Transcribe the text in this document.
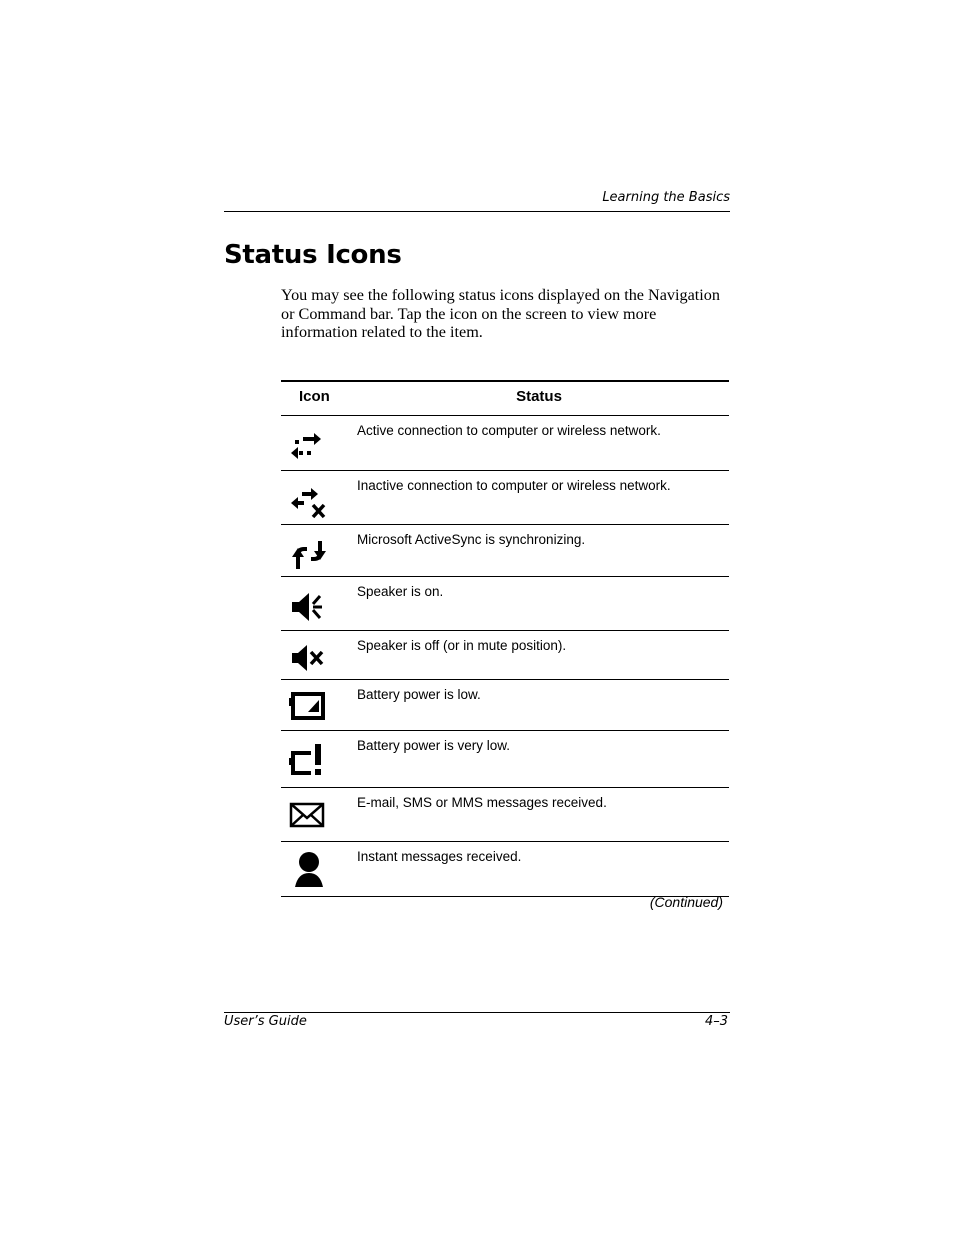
Learning the Basics
Status Icons

You may see the following status icons displayed on the Navigation or Command bar. Tap the icon on the screen to view more information related to the item.

Icon	Status
Active connection to computer or wireless network.
Inactive connection to computer or wireless network.
Microsoft ActiveSync is synchronizing.
Speaker is on.
Speaker is off (or in mute position).
Battery power is low.
Battery power is very low.
E-mail, SMS or MMS messages received.
Instant messages received.
(Continued)
User’s Guide	4–3
